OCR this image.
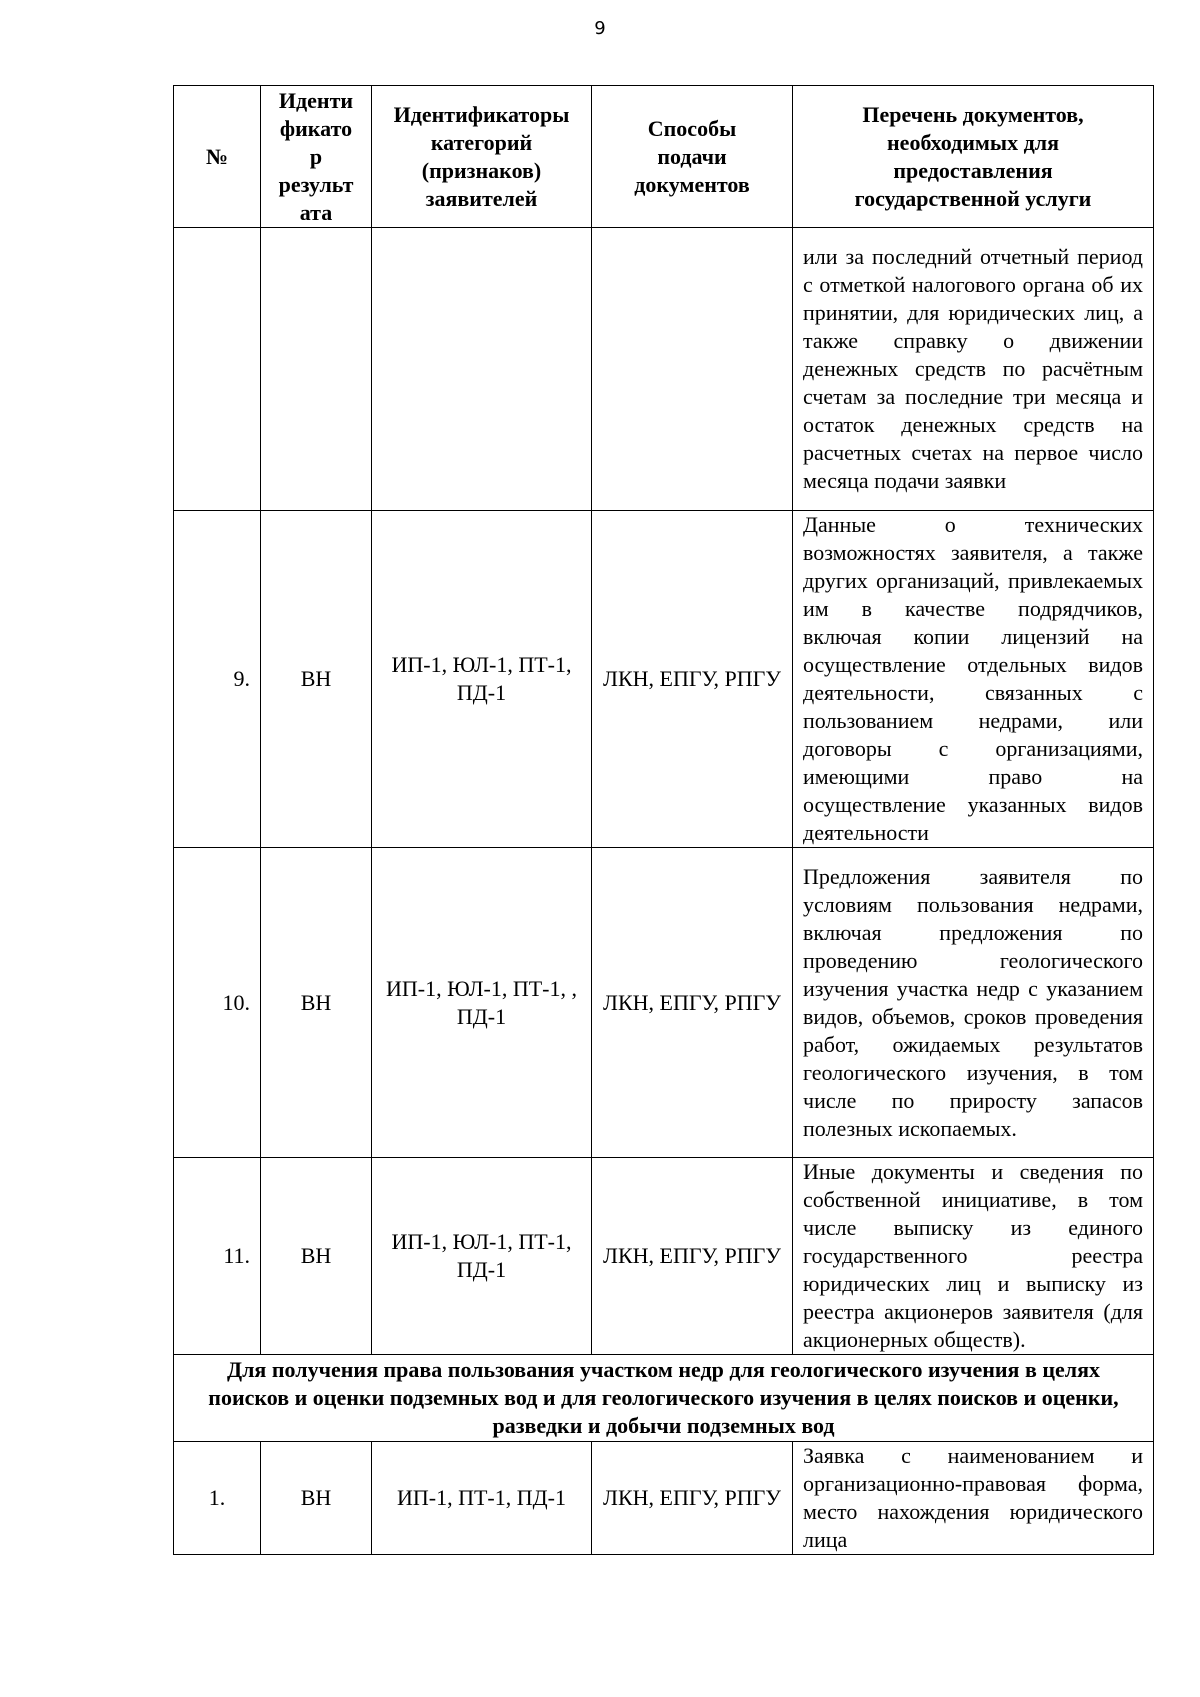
9
№	Иденти
фикато
р
результ
ата	Идентификаторы
категорий
(признаков)
заявителей	Способы
подачи
документов	Перечень документов,
необходимых для
предоставления
государственной услуги
				или за последний отчетный период с отметкой налогового органа об их принятии, для юридических лиц, а также справку о движении денежных средств по расчётным счетам за последние три месяца и остаток денежных средств на расчетных счетах на первое число месяца подачи заявки
9.	ВН	ИП-1, ЮЛ-1, ПТ-1, ПД-1	ЛКН, ЕПГУ, РПГУ	Данные о технических возможностях заявителя, а также других организаций, привлекаемых им в качестве подрядчиков, включая копии лицензий на осуществление отдельных видов деятельности, связанных с пользованием недрами, или договоры с организациями, имеющими право на осуществление указанных видов деятельности
10.	ВН	ИП-1, ЮЛ-1, ПТ-1, , ПД-1	ЛКН, ЕПГУ, РПГУ	Предложения заявителя по условиям пользования недрами, включая предложения по проведению геологического изучения участка недр с указанием видов, объемов, сроков проведения работ, ожидаемых результатов геологического изучения, в том числе по приросту запасов полезных ископаемых.
11.	ВН	ИП-1, ЮЛ-1, ПТ-1, ПД-1	ЛКН, ЕПГУ, РПГУ	Иные документы и сведения по собственной инициативе, в том числе выписку из единого государственного реестра юридических лиц и выписку из реестра акционеров заявителя (для акционерных обществ).
Для получения права пользования участком недр для геологического изучения в целях поисков и оценки подземных вод и для геологического изучения в целях поисков и оценки, разведки и добычи подземных вод				
1.	ВН	ИП-1, ПТ-1, ПД-1	ЛКН, ЕПГУ, РПГУ	Заявка с наименованием и организационно-правовая форма, место нахождения юридического лица
